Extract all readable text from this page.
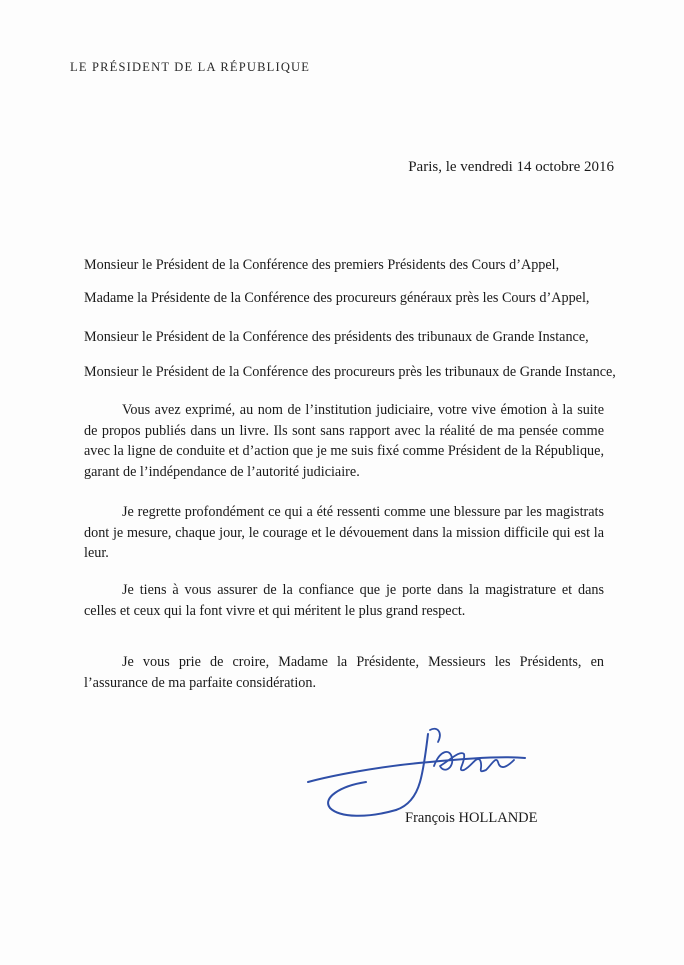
LE PRÉSIDENT DE LA RÉPUBLIQUE
Paris, le vendredi 14 octobre 2016
Monsieur le Président de la Conférence des premiers Présidents des Cours d’Appel,
Madame la Présidente de la Conférence des procureurs généraux près les Cours d’Appel,
Monsieur le Président de la Conférence des présidents des tribunaux de Grande Instance,
Monsieur le Président de la Conférence des procureurs près les tribunaux de Grande Instance,
Vous avez exprimé, au nom de l’institution judiciaire, votre vive émotion à la suite de propos publiés dans un livre. Ils sont sans rapport avec la réalité de ma pensée comme avec la ligne de conduite et d’action que je me suis fixé comme Président de la République, garant de l’indépendance de l’autorité judiciaire.
Je regrette profondément ce qui a été ressenti comme une blessure par les magistrats dont je mesure, chaque jour, le courage et le dévouement dans la mission difficile qui est la leur.
Je tiens à vous assurer de la confiance que je porte dans la magistrature et dans celles et ceux qui la font vivre et qui méritent le plus grand respect.
Je vous prie de croire, Madame la Présidente, Messieurs les Présidents, en l’assurance de ma parfaite considération.
François HOLLANDE
